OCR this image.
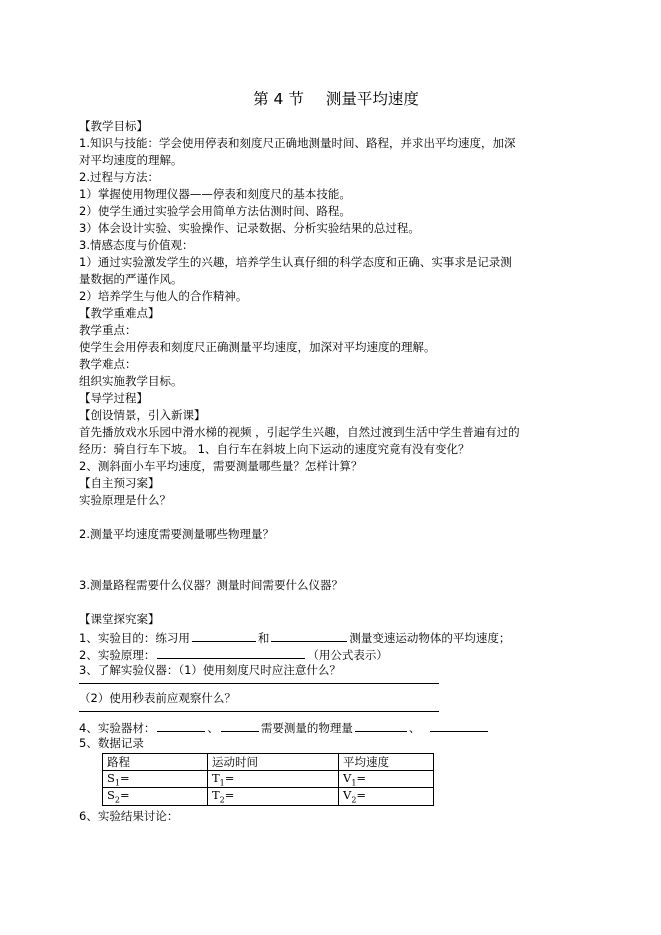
第 4 节 测量平均速度
【教学目标】
1.知识与技能：学会使用停表和刻度尺正确地测量时间、路程，并求出平均速度，加深
对平均速度的理解。
2.过程与方法：
1）掌握使用物理仪器——停表和刻度尺的基本技能。
2）使学生通过实验学会用简单方法估测时间、路程。
3）体会设计实验、实验操作、记录数据、分析实验结果的总过程。
3.情感态度与价值观：
1）通过实验激发学生的兴趣，培养学生认真仔细的科学态度和正确、实事求是记录测
量数据的严谨作风。
2）培养学生与他人的合作精神。
【教学重难点】
教学重点：
使学生会用停表和刻度尺正确测量平均速度，加深对平均速度的理解。
教学难点：
组织实施教学目标。
【导学过程】
【创设情景，引入新课】
首先播放戏水乐园中滑水梯的视频 ，引起学生兴趣，自然过渡到生活中学生普遍有过的
经历：骑自行车下坡。 1、自行车在斜坡上向下运动的速度究竟有没有变化？
2、测斜面小车平均速度，需要测量哪些量？怎样计算？
【自主预习案】
实验原理是什么？
2.测量平均速度需要测量哪些物理量？
3.测量路程需要什么仪器？测量时间需要什么仪器？
【课堂探究案】
1、实验目的：练习用	和	测量变速运动物体的平均速度；
2、实验原理：	（用公式表示）
3、了解实验仪器：（1）使用刻度尺时应注意什么？
（2）使用秒表前应观察什么？
4、实验器材：	、	需要测量的物理量	、
5、数据记录
路程	运动时间	平均速度
$S_1=$	$T_1=$	$V_1=$
$S_2=$	$T_2=$	$V_2=$
6、实验结果讨论：
